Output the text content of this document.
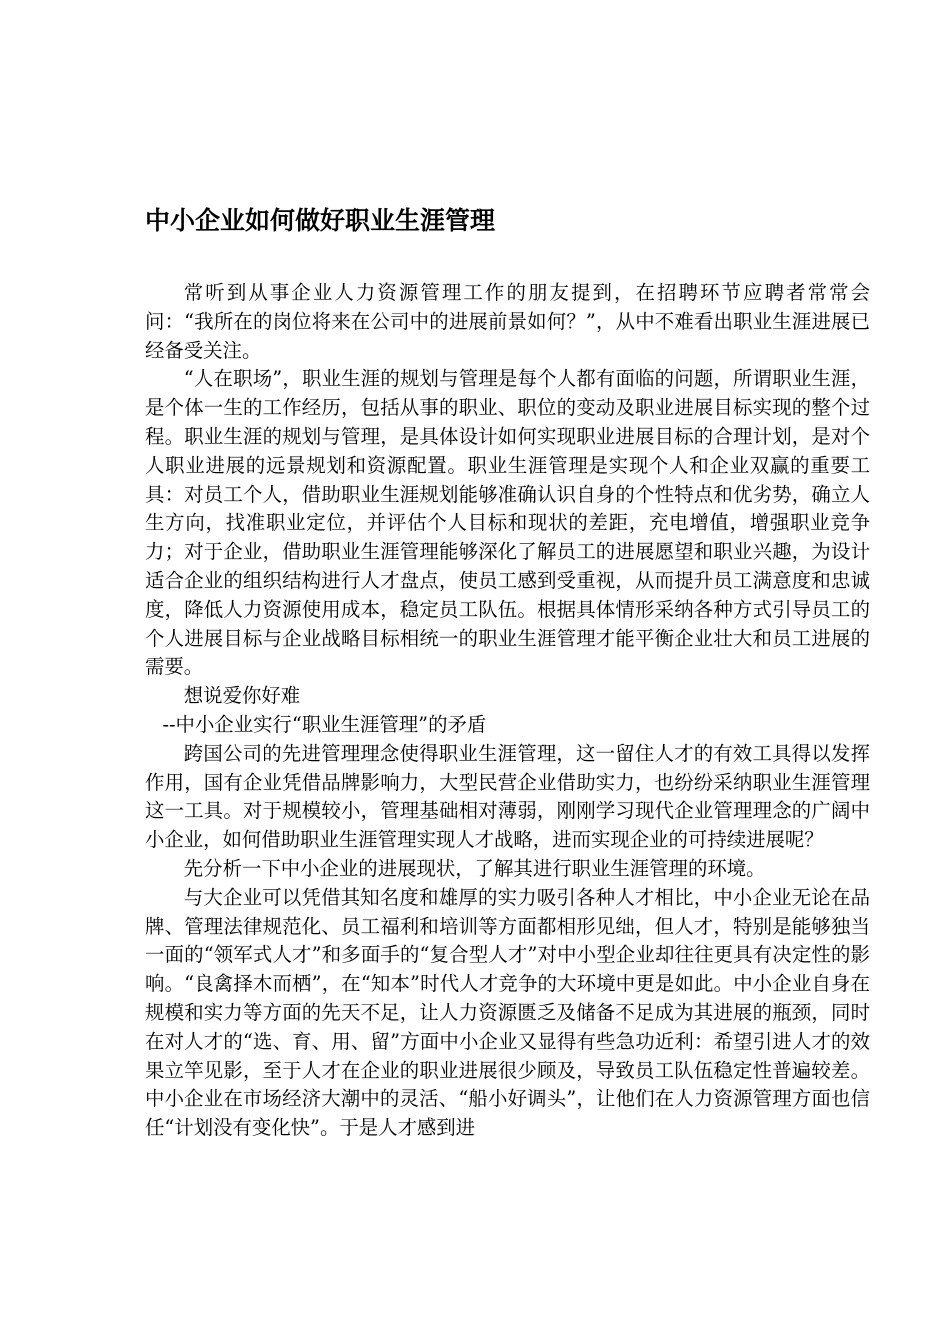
中小企业如何做好职业生涯管理

常听到从事企业人力资源管理工作的朋友提到，在招聘环节应聘者常常会问：“我所在的岗位将来在公司中的进展前景如何？”，从中不难看出职业生涯进展已经备受关注。

“人在职场”，职业生涯的规划与管理是每个人都有面临的问题，所谓职业生涯，是个体一生的工作经历，包括从事的职业、职位的变动及职业进展目标实现的整个过程。职业生涯的规划与管理，是具体设计如何实现职业进展目标的合理计划，是对个人职业进展的远景规划和资源配置。职业生涯管理是实现个人和企业双赢的重要工具：对员工个人，借助职业生涯规划能够准确认识自身的个性特点和优劣势，确立人生方向，找准职业定位，并评估个人目标和现状的差距，充电增值，增强职业竞争力；对于企业，借助职业生涯管理能够深化了解员工的进展愿望和职业兴趣，为设计适合企业的组织结构进行人才盘点，使员工感到受重视，从而提升员工满意度和忠诚度，降低人力资源使用成本，稳定员工队伍。根据具体情形采纳各种方式引导员工的个人进展目标与企业战略目标相统一的职业生涯管理才能平衡企业壮大和员工进展的需要。

想说爱你好难

--中小企业实行“职业生涯管理”的矛盾

跨国公司的先进管理理念使得职业生涯管理，这一留住人才的有效工具得以发挥作用，国有企业凭借品牌影响力，大型民营企业借助实力，也纷纷采纳职业生涯管理这一工具。对于规模较小，管理基础相对薄弱，刚刚学习现代企业管理理念的广阔中小企业，如何借助职业生涯管理实现人才战略，进而实现企业的可持续进展呢？

先分析一下中小企业的进展现状，了解其进行职业生涯管理的环境。

与大企业可以凭借其知名度和雄厚的实力吸引各种人才相比，中小企业无论在品牌、管理法律规范化、员工福利和培训等方面都相形见绌，但人才，特别是能够独当一面的“领军式人才”和多面手的“复合型人才”对中小型企业却往往更具有决定性的影响。“良禽择木而栖”，在“知本”时代人才竞争的大环境中更是如此。中小企业自身在规模和实力等方面的先天不足，让人力资源匮乏及储备不足成为其进展的瓶颈，同时在对人才的“选、育、用、留”方面中小企业又显得有些急功近利：希望引进人才的效果立竿见影，至于人才在企业的职业进展很少顾及，导致员工队伍稳定性普遍较差。中小企业在市场经济大潮中的灵活、“船小好调头”，让他们在人力资源管理方面也信任“计划没有变化快”。于是人才感到进
